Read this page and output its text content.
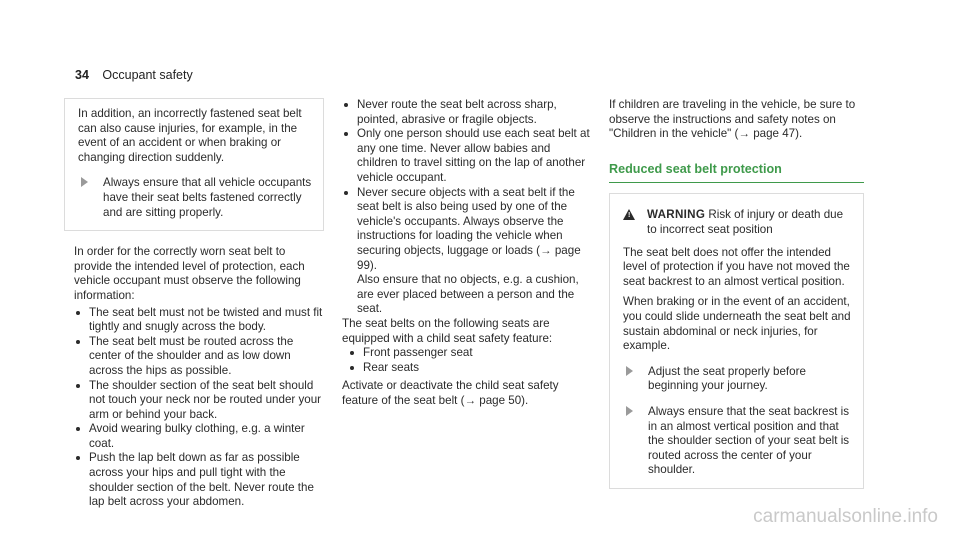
34 Occupant safety

In addition, an incorrectly fastened seat belt can also cause injuries, for example, in the event of an accident or when braking or changing direction suddenly.

Always ensure that all vehicle occupants have their seat belts fastened correctly and are sitting properly.

In order for the correctly worn seat belt to provide the intended level of protection, each vehicle occupant must observe the following information:

The seat belt must not be twisted and must fit tightly and snugly across the body.
The seat belt must be routed across the center of the shoulder and as low down across the hips as possible.
The shoulder section of the seat belt should not touch your neck nor be routed under your arm or behind your back.
Avoid wearing bulky clothing, e.g. a winter coat.
Push the lap belt down as far as possible across your hips and pull tight with the shoulder section of the belt. Never route the lap belt across your abdomen.
Never route the seat belt across sharp, pointed, abrasive or fragile objects.
Only one person should use each seat belt at any one time. Never allow babies and children to travel sitting on the lap of another vehicle occupant.
Never secure objects with a seat belt if the seat belt is also being used by one of the vehicle's occupants. Always observe the instructions for loading the vehicle when securing objects, luggage or loads (→ page 99).

Also ensure that no objects, e.g. a cushion, are ever placed between a person and the seat.

The seat belts on the following seats are equipped with a child seat safety feature:

Front passenger seat
Rear seats

Activate or deactivate the child seat safety feature of the seat belt (→ page 50).

If children are traveling in the vehicle, be sure to observe the instructions and safety notes on "Children in the vehicle" (→ page 47).

Reduced seat belt protection
! WARNING Risk of injury or death due to incorrect seat position

The seat belt does not offer the intended level of protection if you have not moved the seat backrest to an almost vertical position.

When braking or in the event of an accident, you could slide underneath the seat belt and sustain abdominal or neck injuries, for example.

Adjust the seat properly before beginning your journey.

Always ensure that the seat backrest is in an almost vertical position and that the shoulder section of your seat belt is routed across the center of your shoulder.

carmanualsonline.info
